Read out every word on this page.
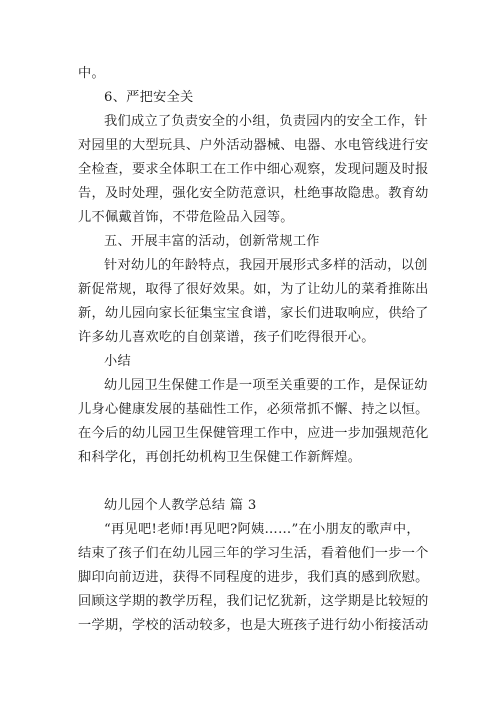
中。
6、严把安全关
我们成立了负责安全的小组，负责园内的安全工作，针
对园里的大型玩具、户外活动器械、电器、水电管线进行安
全检查，要求全体职工在工作中细心观察，发现问题及时报
告，及时处理，强化安全防范意识，杜绝事故隐患。教育幼
儿不佩戴首饰，不带危险品入园等。
五、开展丰富的活动，创新常规工作
针对幼儿的年龄特点，我园开展形式多样的活动，以创
新促常规，取得了很好效果。如，为了让幼儿的菜肴推陈出
新，幼儿园向家长征集宝宝食谱，家长们进取响应，供给了
许多幼儿喜欢吃的自创菜谱，孩子们吃得很开心。
小结
幼儿园卫生保健工作是一项至关重要的工作，是保证幼
儿身心健康发展的基础性工作，必须常抓不懈、持之以恒。
在今后的幼儿园卫生保健管理工作中，应进一步加强规范化
和科学化，再创托幼机构卫生保健工作新辉煌。
幼儿园个人教学总结 篇 3
“再见吧!老师!再见吧?阿姨……”在小朋友的歌声中，
结束了孩子们在幼儿园三年的学习生活，看着他们一步一个
脚印向前迈进，获得不同程度的进步，我们真的感到欣慰。
回顾这学期的教学历程，我们记忆犹新，这学期是比较短的
一学期，学校的活动较多，也是大班孩子进行幼小衔接活动
